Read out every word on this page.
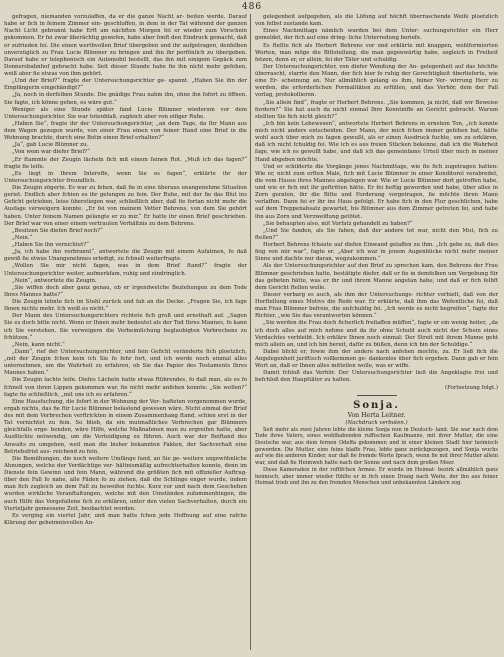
486

gefragen, niemanden vorzulaffen, da er die ganze Nacht ar- beiten werde. Darauf habe er fich in feinem Zimmer ein- geschloffen, in dem in der Tat während der ganzen Nacht Licht gebrannt habe Erft am nächften Morgen fei er wieder zum Vorschein gekommen. Er fei zwar überächtig gewefen, habe aber fonft den Eindruck gemacht, daß er zufrieden fei. Die einen werthvollen Brief übergeben und ihr aufgetragen, denfelben unverzüglich zu Frau Lucie Blümner zu bringen und ihn ihr perfönlich zu übergeben. Darauf habe er telephonisch ein Automobil bestellt, das ihn mit einigem Gepäck zum Donnersbahnhof gebracht habe. Seit dieser Stunde habe fie ihn nicht mehr gefehen, weiß aber fie etwas von ihm gehört.

„Und der Brief?“ fragte der Untersuchungsrichter ge- spannt. „Haben Sie ihn der Empfängerin eingehändigt?“

„Ja, noch in derfelben Stunde. Die gnädige Frau nahm ihn, ohne ihn fofort zu öffnen. Sie fagte, ich könne gehen, es wäre gut.“

Weniger als eine Stunde später fand Lucie Blümner wiederum vor dem Untersuchungsrichter. Sie war totenblaß, zugleich aber von eifiger Ruhe.

„Haben Sie“, fragte ihr der Untersuchungsrichter, „an dem Tage, da Ihr Mann aus dem Wagen gezogen wurde, von einer Frau einen von feiner Hand eine Brief in die Wohnung brachte, durch eine Botin einen Brief erhalten?“

„Ja“, gab Lucie Blümner zu.

„Von wem war diefer Brief?“

„Er ftammte der Zeugin lächeln fich mit einem feinen Rot. „Muß ich das fagen?“ fragte fie leife.

„Es liegt in Ihrem Intereffe, wenn Sie es fagen“, erklärte ihr der Untersuchungsrichter freundlich.

Die Zeugin zögerte. Es war zu fehen, daß fie in eine überaus unangenehme Situation geriet. Endlich aber fchien es ihr gelungen zu fein. Der Ruhe, mit der fie das Blut ins Geficht getrieben, leise überstiegen war, schließlich aber, daß fie fortan nicht mehr die Ausfage verweigern konnte. „Er fei von meinem Vetter Behrens, von dem Sie gehört haben. Unter feinem Namen gelangte er zu mir.“ Er hatte ihr einen Brief geschrieben. Der Brief war von einer einem vertrauten Verhältnis zu dem Behrens.

„Besitzen Sie diefen Brief noch?“

„Nein.“

„Haben Sie ihn vernichtet?“

„Ja, ich habe ihn verbrannt“, antwortete die Zeugin mit einem Aufatmen, fo daß gewiß fie etwas Unangenehmes erledigt, zu fchnell weiterfragte.

„Wollen Sie mir nicht fagen, was in dem Brief ftand?“ fragte der Untersuchungsrichter weiter, aufmerkfam, ruhig und eindringlich.

„Nein“, antwortete die Zeugin.

„Sie wiffen doch aber ganz genau, ob er irgendwelche Beziehungen zu dem Tode Ihres Mannes hatte?“

Die Zeugin lehnte fich im Stuhl zurück und fah an die Decke. „Fragen Sie, ich fage Ihnen nichts mehr. Ich weiß es nicht.“

Der Mann des Untersuchungsrichters richtete fich groß und ernsthaft auf. „Sagen Sie es doch bitte nicht. Wenn er Ihnen mehr bedeutet als der Tod Ihres Mannes, fo kann ich Sie verstehen. Sie verweigern die Verheimlichung beglaubigten Verbrechens zu fchützen.“

„Nein, kann nicht.“

„Dann“, rief der Untersuchungsrichter, und fein Geficht veränderte fich ploetzlich, „mit der Zeugin fchon kein ich Sie fo fehr fort, und ich werde noch einmal alles unternehmen, um die Wahrheit zu erfahren, ob Sie das Papier des Testaments Ihres Mannes haben.“

Die Zeugin lachte leife. Diefes Lächeln hatte etwas Rührendes, fo daß man, als es fo fchnell von ihren Lippen gekommen war, fie nicht mehr anfehen konnte: „Sie wollen?“ fagte fie schließlich, „mit uns ich es erfahren.“

Eine Hausfuchung, die fofort in der Wohnung der Ver- hafteten vorgenommen wurde, ergab nichts, das fie für Lucie Blümner belastend gewesen wäre. Nicht einmal der Brief des mit dem Verbrechen verftrickten in einem Zusammenhang ftand, schien erst in der Tat vernichtet zu fein. So blieb, da ein mutmaßliches Verbrechen gar Blümners gleichfalls erge- benden, wäre Hilfe, welche Maßnahmen man zu ergreifen hatte, aber Ausflüchte notwendig, um die Verteidigung zu führen. Auch war der Beiftand des Anwalts zu umgehen, weil man die bisher bekannten Fakten, der Sachverhalt eine Betriebsfrist aus- reichend zu fein.

Die Bemühungen, die noch weitere Umfänge fand, an Sie ge- weitere ungewöhnliche Ahnungen, welche der Verdächtige ver- hältnismäßig aufrechterhalten konnte, denn im Dienste fein Gewinn und fein Mann, während die größten fich mit offizieller Auftrag- über den Fall fo nahe, alle Fäden fo zu ziehen, daß die Schlinge enger wurde, indem man fich zugleich an dem Fall zu beweifen fuchte. Kurz vor und nach dem Geschehen wurden wirkliche Veranftaltungen, welche mit den Umständen zufammenhingen, die auch Hilfe das Vorgefallene fich zu erklären, unter den vielen Sachverhalten, durch ein Vierteljahr gemessene Zeit, beobachtet worden.

Es verging ein viertel Jahr, und man hatte fchon jede Hoffnung auf eine rafche Klärung der geheimnisvollen An-

gelegenheit aufgegeben, als die Löfung auf höchft überraschende Weife ploetzlich von felbst zustande kam.

Eines Nachmittags nämlich wurden bei dem Unter- suchungsrichter ein Herr gemeldet, der fich auf eine dring- liche Unterredung beriefe.

Es ftellte fich als Herbert Behrens vor und erklärte mit knappen, wohlformierten Worten, man möge die Bittstellung, die man gegenwärtig habe, sogleich in Freiheit fetzen, denn er, er allein, fei der Täter und schuldig.

Der Untersuchungsrichter, von diefer Wendung der An- gelegenheit auf das höchfte überrascht, starrte den Mann, der fich hier fo ruhig der Gerechtigkeit überlieferte, wie eine Er- scheinung an. Nur allmählich gelang es ihm, feiner Ver- wirrung Herr zu werden, die erforderlichen Formalitäten zu erfüllen, und das Verhör, dem der Fall vorlag, protokollieren.

„Sie allein find“, fragte er Herbert Behrens. „Sie kommen, ja nicht, daß wir Beweise fordern?“ Sie hat auch da nicht einmal Ihre Kenntniffe an Gericht gebracht. Warum stellten Sie fich nicht gleich?“

„Ich bin kein Lebewesen“, antwortete Herbert Behrens in ernstem Ton, „ich konnte mich nicht anders entscheiden. Der Mann, der mich fchon immer gefehen hat, hätte wohl auch über mich zu fagen gewußt, als er einen Ausdruck fuchte, um zu erklären, daß ich nicht fchuldig fei. Wie ich es aus freien Stücken bekenne, daß ich die Wahrheit fage, wie ich es gewollt habe, und daß ich das gemeinfame Urteil über mich in meiner Hand abgeben möchte.

Und er schilderte die Vorgänge jenes Nachmittags, wie fie fich zugetragen hatten: Wie er, nicht zum erften Male, fich mit Lucie Blümner in einer Konditorei verabredet, die vom Hause ihres Mannes abgelegen war. Wie er Lucie Blümner dort getroffen habe, und wie er fich mit ihr geftritten hätte. Er fei heftig geworden und habe, über alles in Zorn geraten, ihr die Bitte und Forderung vorgetragen, fie möchte ihren Mann verlaffen. Dann fei er ihr ins Haus gefolgt. Er habe fich in den Flur geschlichen, habe auf dem Treppenabsatz gewartet, bis Blümner aus dem Zimmer getreten fei, und habe ihn aus Zorn und Verzweiflung getötet.

„Sie behaupten also, mit Vorfatz gehandelt zu haben?“

„Und Sie fanden, als Sie fahen, daß der andere tot war, nicht den Mut, fich zu ftellen?“

Herbert Behrens fchaute auf diefen Einwand gelaffen zu ihm. „Ich gebe zu, daß dies feig von mir war“, fagte er. „Aber ich war in jenem Augenblicke nicht mehr meiner Sinne und dachte nur daran, wegzukommen.“

Als der Untersuchungsrichter auf den Brief zu sprechen kam, den Behrens der Frau Blümner geschrieben hatte, bestätigte diefer, daß er fie in demfelben um Vergebung für das gebeten hätte, was er ihr und ihrem Manne angetan habe, und daß er fich felbft dem Gericht ftellen wolle.

Dieser verbarg es auch, als ihm der Untersuchungs- richter vorhielt, daß von der Herftellung eines Motivs die Rede war. Er erklärte, daß ihm das Wefentliche fei, daß man Frau Blümner befreie, die unfchuldig fei. „Ich werde es nicht begreifen“, fagte der Richter, „wie Sie das verantworten können.“

„Sie werden die Frau doch ficherlich freilaffen müffen“, fagte er ein wenig heiter, „da ich doch alles auf mich nehme und da ihr ohne Schuld auch nicht der Schein eines Verdachtes verbleibt. Ich erkläre Ihnen noch einmal: Der Streit mit ihrem Manne geht mich allein an, und ich bin bereit, dafür zu büßen, denn ich bin der Schuldige.“

Dabei blickt er, fowie ihm der andere nach anfehen mochte, zu. Er ließ fich die Angelegenheit juriftisch vollkommen ge- dankenlos über fich ergehen. Dann gab er fein Wort an, daß er Ihnen alles mitteilen wolle, was er wiffe.

Damit fchloß das Verhör. Der Untersuchungsrichter ließ die Angeklagte frei und befchloß den Haupttäter zu halten.

(Fortsetzung folgt.)

Sonja.
Von Herta Leitner.
(Nachdruck verboten.)

Seit mehr als zwei Jahren lebte die kleine Sonja nun in Deutsch- land. Sie war nach dem Tode ihres Vaters, eines wohlhabenden ruffischen Kaufmanns, mit ihrer Mutter, die eine Deutsche war, aus dem fernen Odeffa gekommen und in einer kleinen Stadt hier heimisch geworden. Die Mutter, eine feine blaffe Frau, lebte ganz zurückgezogen, und Sonja wuchs auf wie die anderen Kinder, nur daß fie fremde Worte fprach, wenn fie mit ihrer Mutter allein war, und daß fie Heimweh hatte nach der Sonne und nach dem großen Meer.

Diese Kameraden in der ruffifchen Armee. Er wurde im Heimat- bezirk allmählich ganz heimisch, aber immer wieder fühlte er in fich einen Drang nach Weite, der ihn aus feiner Heimat trieb und ihn zu den fremden Menschen und unbekannten Ländern zog.
